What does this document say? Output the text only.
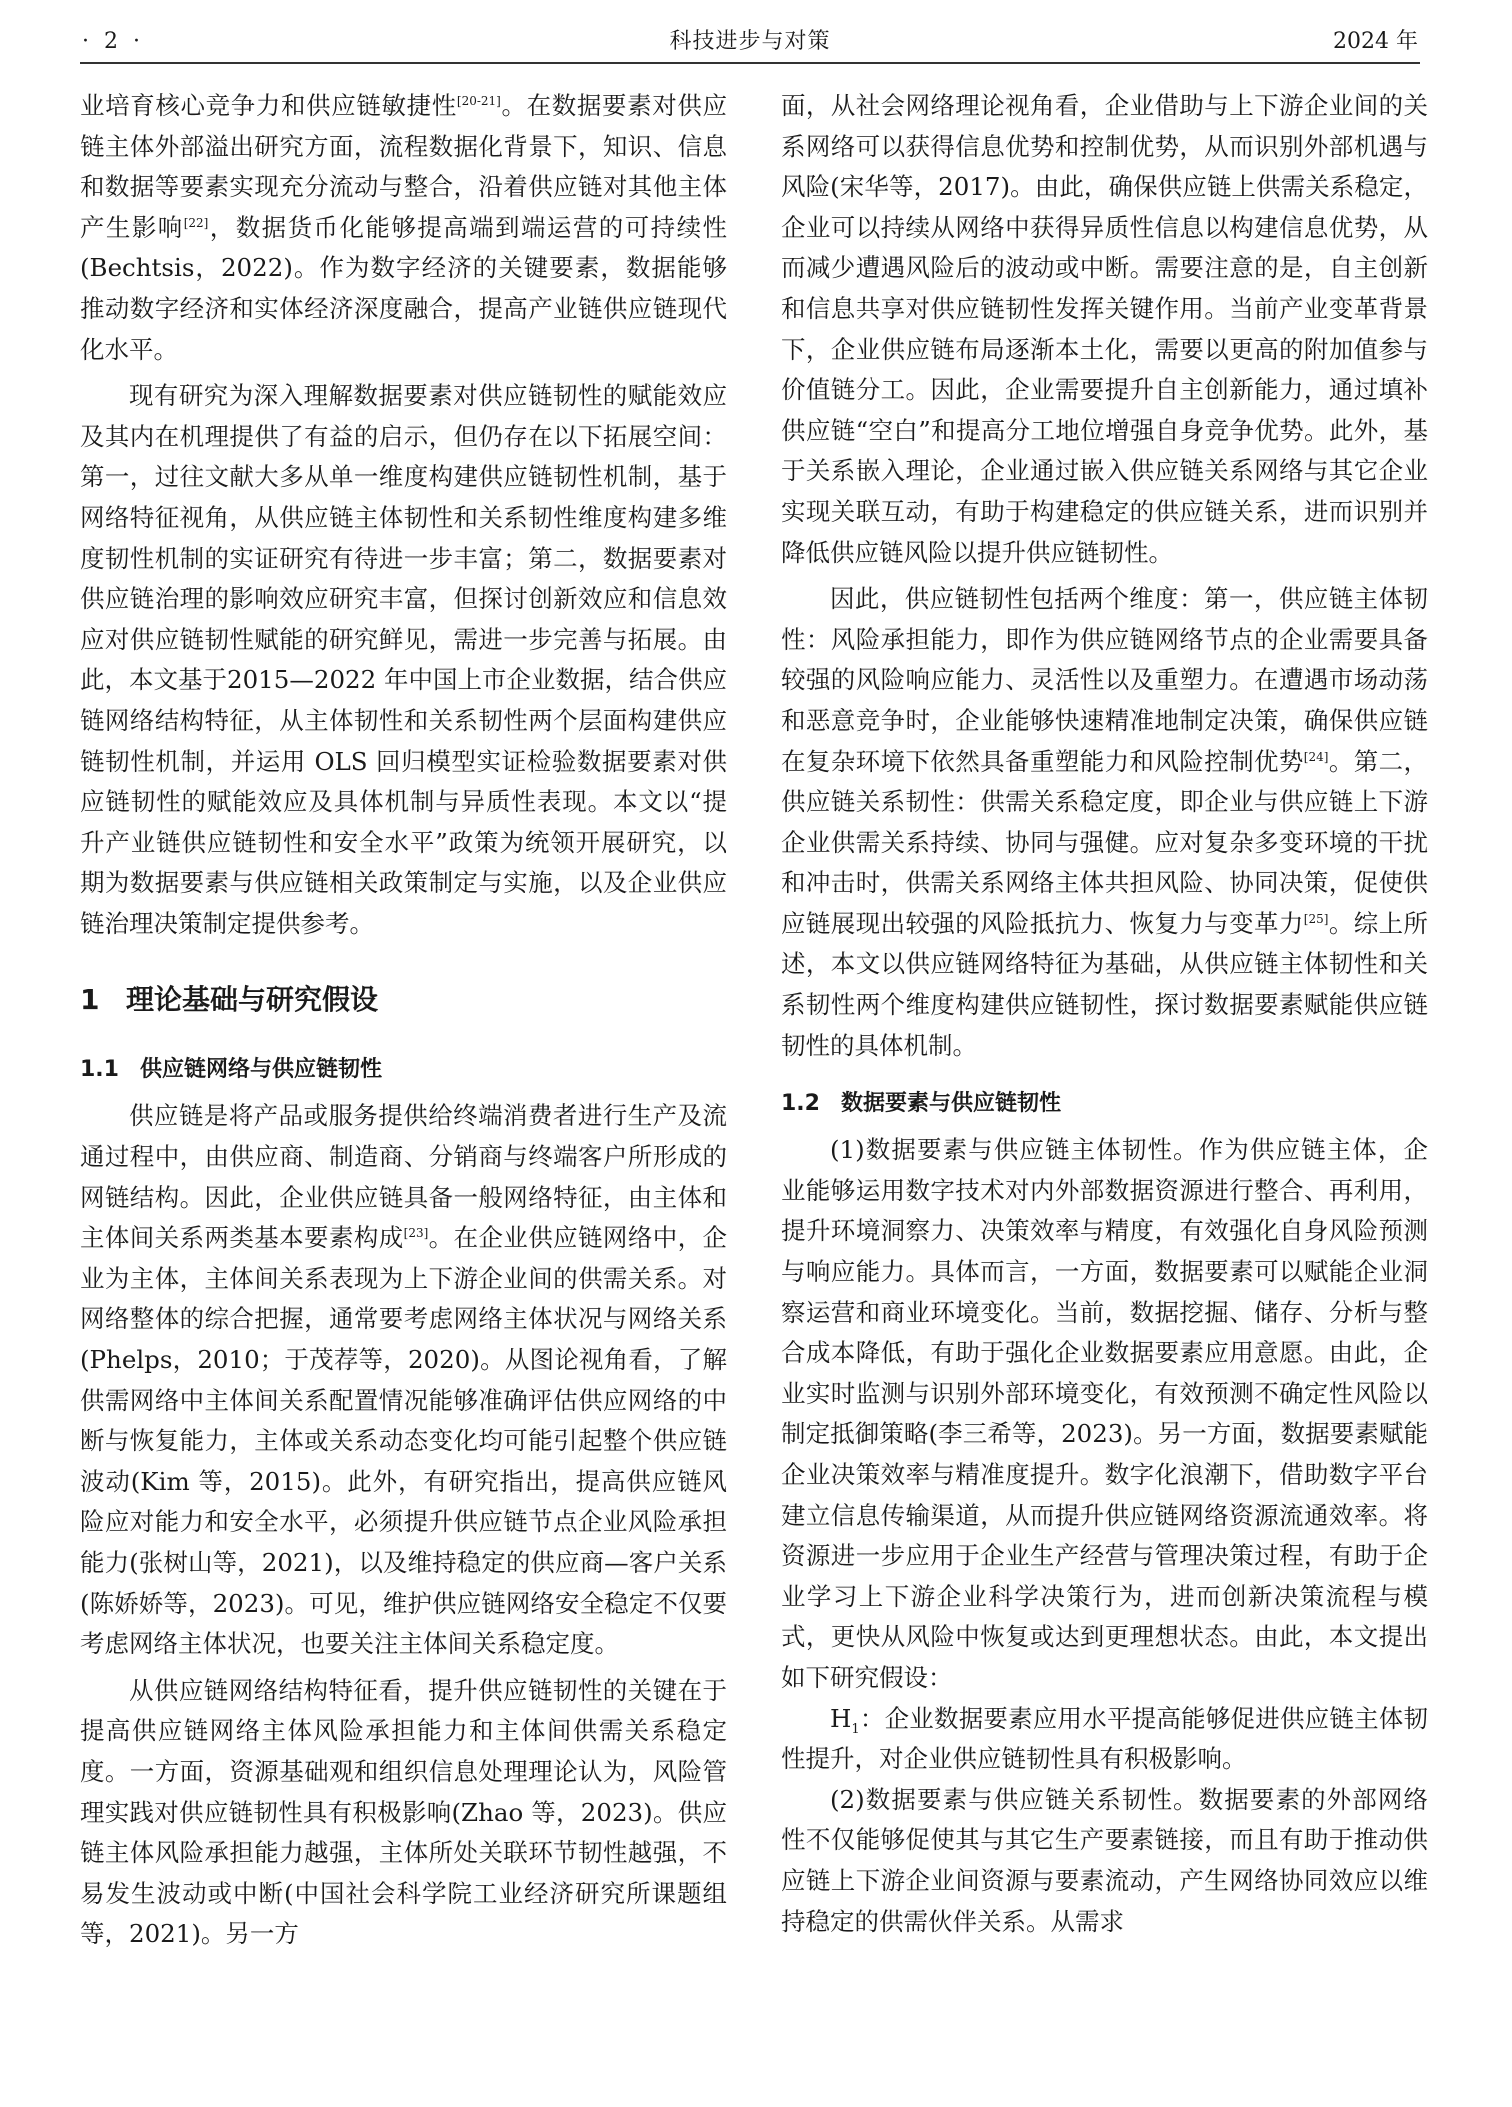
· 2 ·	科技进步与对策	2024 年

业培育核心竞争力和供应链敏捷性[20-21]。在数据要素对供应链主体外部溢出研究方面，流程数据化背景下，知识、信息和数据等要素实现充分流动与整合，沿着供应链对其他主体产生影响[22]，数据货币化能够提高端到端运营的可持续性(Bechtsis，2022)。作为数字经济的关键要素，数据能够推动数字经济和实体经济深度融合，提高产业链供应链现代化水平。

现有研究为深入理解数据要素对供应链韧性的赋能效应及其内在机理提供了有益的启示，但仍存在以下拓展空间：第一，过往文献大多从单一维度构建供应链韧性机制，基于网络特征视角，从供应链主体韧性和关系韧性维度构建多维度韧性机制的实证研究有待进一步丰富；第二，数据要素对供应链治理的影响效应研究丰富，但探讨创新效应和信息效应对供应链韧性赋能的研究鲜见，需进一步完善与拓展。由此，本文基于2015—2022 年中国上市企业数据，结合供应链网络结构特征，从主体韧性和关系韧性两个层面构建供应链韧性机制，并运用 OLS 回归模型实证检验数据要素对供应链韧性的赋能效应及具体机制与异质性表现。本文以“提升产业链供应链韧性和安全水平”政策为统领开展研究，以期为数据要素与供应链相关政策制定与实施，以及企业供应链治理决策制定提供参考。

1 理论基础与研究假设
1.1 供应链网络与供应链韧性

供应链是将产品或服务提供给终端消费者进行生产及流通过程中，由供应商、制造商、分销商与终端客户所形成的网链结构。因此，企业供应链具备一般网络特征，由主体和主体间关系两类基本要素构成[23]。在企业供应链网络中，企业为主体，主体间关系表现为上下游企业间的供需关系。对网络整体的综合把握，通常要考虑网络主体状况与网络关系(Phelps，2010；于茂荐等，2020)。从图论视角看，了解供需网络中主体间关系配置情况能够准确评估供应网络的中断与恢复能力，主体或关系动态变化均可能引起整个供应链波动(Kim 等，2015)。此外，有研究指出，提高供应链风险应对能力和安全水平，必须提升供应链节点企业风险承担能力(张树山等，2021)，以及维持稳定的供应商—客户关系(陈娇娇等，2023)。可见，维护供应链网络安全稳定不仅要考虑网络主体状况，也要关注主体间关系稳定度。

从供应链网络结构特征看，提升供应链韧性的关键在于提高供应链网络主体风险承担能力和主体间供需关系稳定度。一方面，资源基础观和组织信息处理理论认为，风险管理实践对供应链韧性具有积极影响(Zhao 等，2023)。供应链主体风险承担能力越强，主体所处关联环节韧性越强，不易发生波动或中断(中国社会科学院工业经济研究所课题组等，2021)。另一方

面，从社会网络理论视角看，企业借助与上下游企业间的关系网络可以获得信息优势和控制优势，从而识别外部机遇与风险(宋华等，2017)。由此，确保供应链上供需关系稳定，企业可以持续从网络中获得异质性信息以构建信息优势，从而减少遭遇风险后的波动或中断。需要注意的是，自主创新和信息共享对供应链韧性发挥关键作用。当前产业变革背景下，企业供应链布局逐渐本土化，需要以更高的附加值参与价值链分工。因此，企业需要提升自主创新能力，通过填补供应链“空白”和提高分工地位增强自身竞争优势。此外，基于关系嵌入理论，企业通过嵌入供应链关系网络与其它企业实现关联互动，有助于构建稳定的供应链关系，进而识别并降低供应链风险以提升供应链韧性。

因此，供应链韧性包括两个维度：第一，供应链主体韧性：风险承担能力，即作为供应链网络节点的企业需要具备较强的风险响应能力、灵活性以及重塑力。在遭遇市场动荡和恶意竞争时，企业能够快速精准地制定决策，确保供应链在复杂环境下依然具备重塑能力和风险控制优势[24]。第二，供应链关系韧性：供需关系稳定度，即企业与供应链上下游企业供需关系持续、协同与强健。应对复杂多变环境的干扰和冲击时，供需关系网络主体共担风险、协同决策，促使供应链展现出较强的风险抵抗力、恢复力与变革力[25]。综上所述，本文以供应链网络特征为基础，从供应链主体韧性和关系韧性两个维度构建供应链韧性，探讨数据要素赋能供应链韧性的具体机制。

1.2 数据要素与供应链韧性

(1)数据要素与供应链主体韧性。作为供应链主体，企业能够运用数字技术对内外部数据资源进行整合、再利用，提升环境洞察力、决策效率与精度，有效强化自身风险预测与响应能力。具体而言，一方面，数据要素可以赋能企业洞察运营和商业环境变化。当前，数据挖掘、储存、分析与整合成本降低，有助于强化企业数据要素应用意愿。由此，企业实时监测与识别外部环境变化，有效预测不确定性风险以制定抵御策略(李三希等，2023)。另一方面，数据要素赋能企业决策效率与精准度提升。数字化浪潮下，借助数字平台建立信息传输渠道，从而提升供应链网络资源流通效率。将资源进一步应用于企业生产经营与管理决策过程，有助于企业学习上下游企业科学决策行为，进而创新决策流程与模式，更快从风险中恢复或达到更理想状态。由此，本文提出如下研究假设：

$H_1$：企业数据要素应用水平提高能够促进供应链主体韧性提升，对企业供应链韧性具有积极影响。

(2)数据要素与供应链关系韧性。数据要素的外部网络性不仅能够促使其与其它生产要素链接，而且有助于推动供应链上下游企业间资源与要素流动，产生网络协同效应以维持稳定的供需伙伴关系。从需求
